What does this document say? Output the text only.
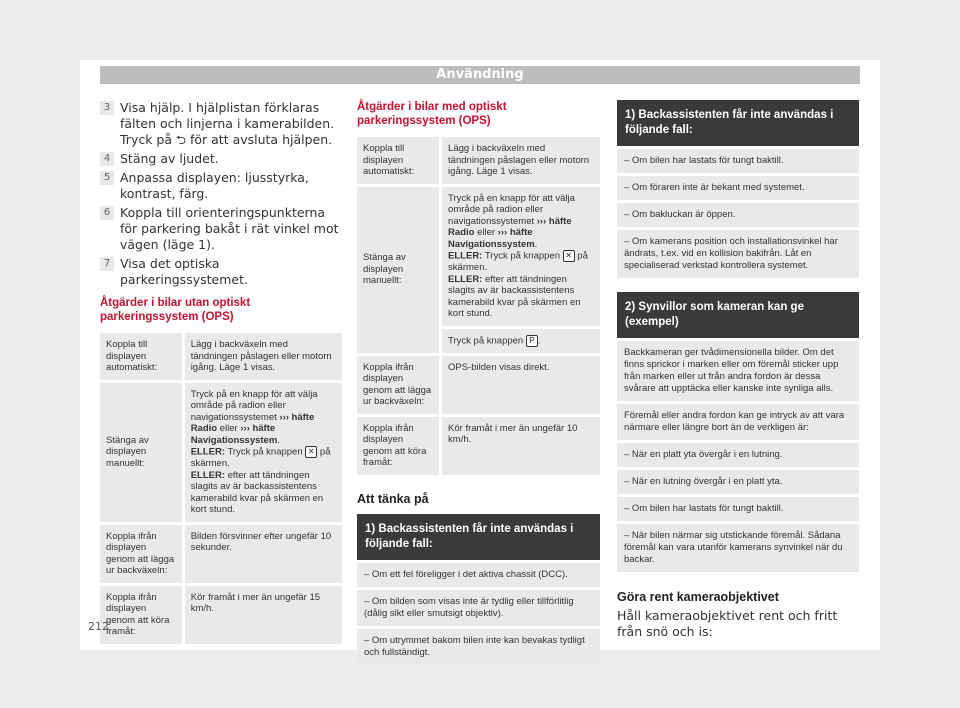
Användning
3 Visa hjälp. I hjälplistan förklaras fälten och linjerna i kamerabilden. Tryck på ⮌ för att avsluta hjälpen.
4 Stäng av ljudet.
5 Anpassa displayen: ljusstyrka, kontrast, färg.
6 Koppla till orienteringspunkterna för parkering bakåt i rät vinkel mot vägen (läge 1).
7 Visa det optiska parkeringssystemet.
Åtgärder i bilar utan optiskt parkeringssystem (OPS)
Koppla till displayen automatiskt:	Lägg i backväxeln med tändningen påslagen eller motorn igång. Läge 1 visas.
Stänga av displayen manuellt:	Tryck på en knapp för att välja område på radion eller navigationssystemet ››› häfte Radio eller ››› häfte Navigationssystem.
ELLER: Tryck på knappen ✕ på skärmen.
ELLER: efter att tändningen slagits av är backassistentens kamerabild kvar på skärmen en kort stund.
Koppla ifrån displayen genom att lägga ur backväxeln:	Bilden försvinner efter ungefär 10 sekunder.
Koppla ifrån displayen genom att köra framåt:	Kör framåt i mer än ungefär 15 km/h.
Åtgärder i bilar med optiskt parkeringssystem (OPS)
Koppla till displayen automatiskt:	Lägg i backväxeln med tändningen påslagen eller motorn igång. Läge 1 visas.
Stänga av displayen manuellt:	Tryck på en knapp för att välja område på radion eller navigationssystemet ››› häfte Radio eller ››› häfte Navigationssystem.
ELLER: Tryck på knappen ✕ på skärmen.
ELLER: efter att tändningen slagits av är backassistentens kamerabild kvar på skärmen en kort stund.
	Tryck på knappen P .
Koppla ifrån displayen genom att lägga ur backväxeln:	OPS-bilden visas direkt.
Koppla ifrån displayen genom att köra framåt:	Kör framåt i mer än ungefär 10 km/h.
Att tänka på
1) Backassistenten får inte användas i följande fall:
– Om ett fel föreligger i det aktiva chassit (DCC).
– Om bilden som visas inte är tydlig eller tillförlitlig (dålig sikt eller smutsigt objektiv).
– Om utrymmet bakom bilen inte kan bevakas tydligt och fullständigt.
1) Backassistenten får inte användas i följande fall:
– Om bilen har lastats för tungt baktill.
– Om föraren inte är bekant med systemet.
– Om bakluckan är öppen.
– Om kamerans position och installationsvinkel har ändrats, t.ex. vid en kollision bakifrån. Låt en specialiserad verkstad kontrollera systemet.
2) Synvillor som kameran kan ge (exempel)
Backkameran ger tvådimensionella bilder. Om det finns sprickor i marken eller om föremål sticker upp från marken eller ut från andra fordon är dessa svårare att upptäcka eller kanske inte synliga alls.
Föremål eller andra fordon kan ge intryck av att vara närmare eller längre bort än de verkligen är:
– När en platt yta övergår i en lutning.
– När en lutning övergår i en platt yta.
– Om bilen har lastats för tungt baktill.
– När bilen närmar sig utstickande föremål. Sådana föremål kan vara utanför kamerans synvinkel när du backar.
Göra rent kameraobjektivet

Håll kameraobjektivet rent och fritt från snö och is:

212
